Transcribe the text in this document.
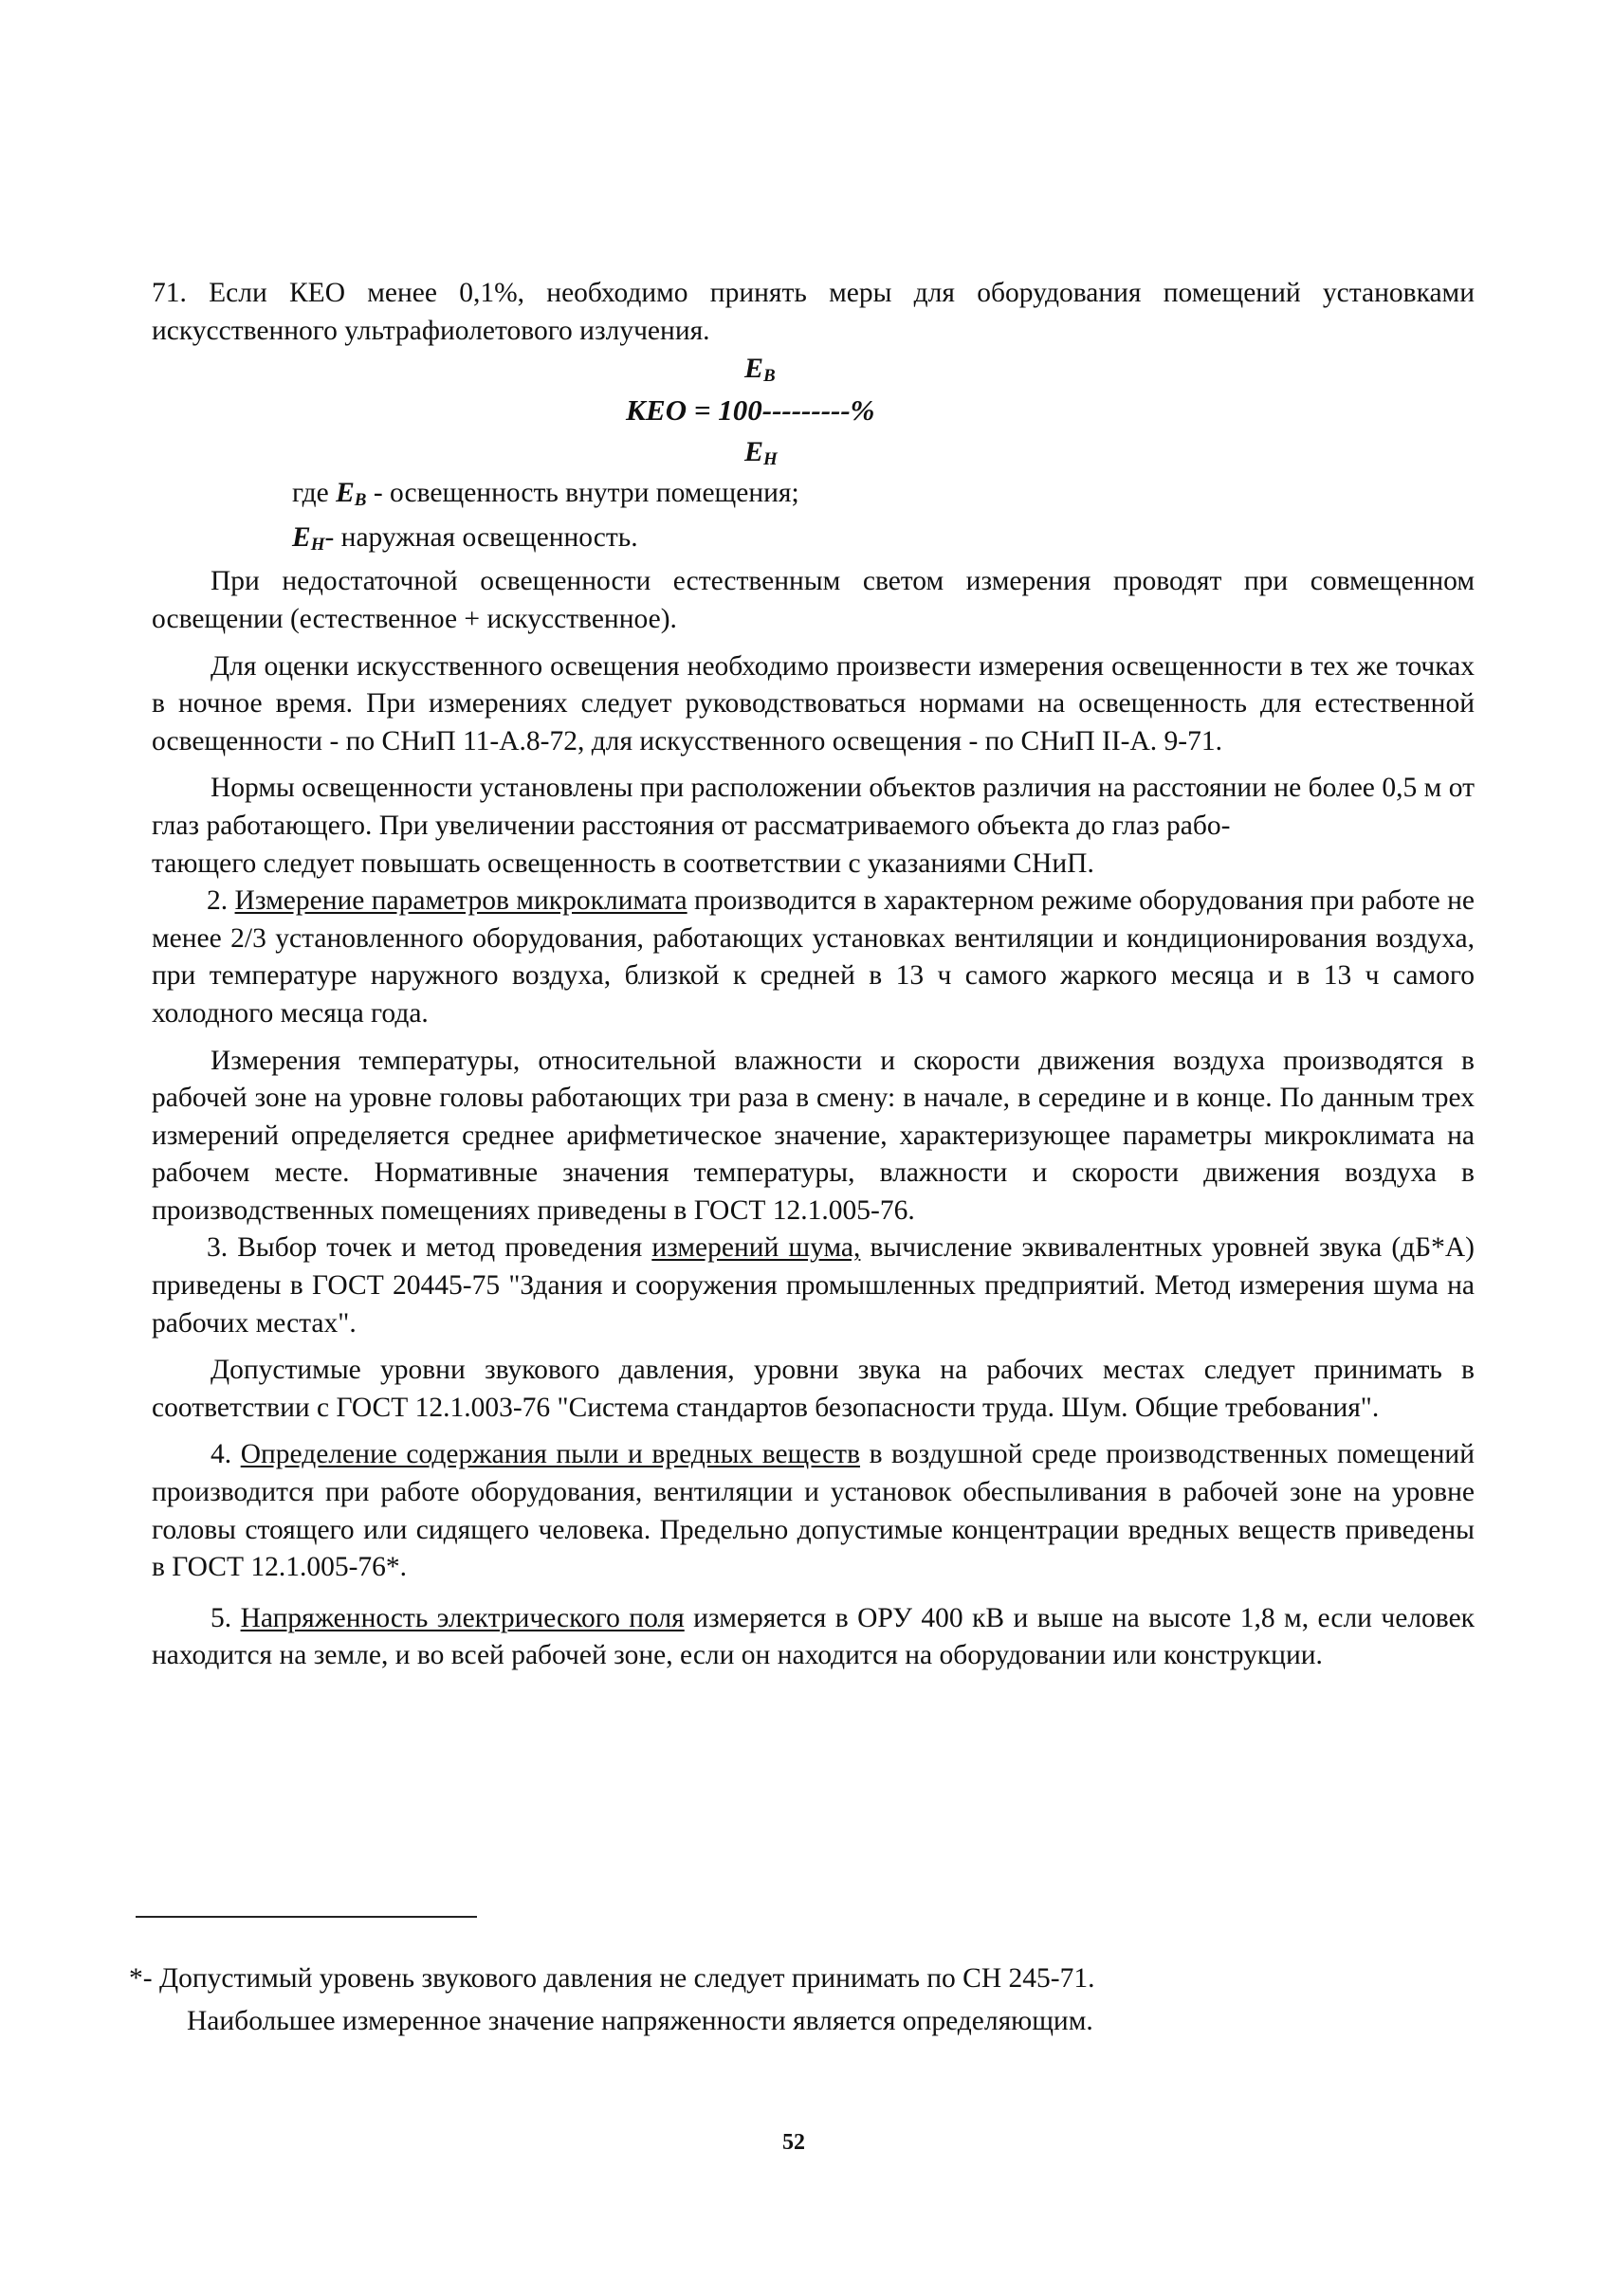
71. Если КЕО менее 0,1%, необходимо принять меры для оборудования помещений установками искусственного ультрафиолетового излучения.

$E_B$
КЕО = 100---------%
$E_H$
где $E_B$ - освещенность внутри помещения;
$E_H-$ наружная освещенность.

При недостаточной освещенности естественным светом измерения проводят при совмещенном освещении (естественное + искусственное).

Для оценки искусственного освещения необходимо произвести измерения освещенности в тех же точках в ночное время. При измерениях следует руководствоваться нормами на освещенность для естественной освещенности - по СНиП 11-А.8-72, для искусственного освещения - по СНиП II-А. 9-71.

Нормы освещенности установлены при расположении объектов различия на расстоянии не более 0,5 м от глаз работающего. При увеличении расстояния от рассматриваемого объекта до глаз рабо-

тающего следует повышать освещенность в соответствии с указаниями СНиП.

2. Измерение параметров микроклимата производится в характерном режиме оборудования при работе не менее 2/3 установленного оборудования, работающих установках вентиляции и кондиционирования воздуха, при температуре наружного воздуха, близкой к средней в 13 ч самого жаркого месяца и в 13 ч самого холодного месяца года.

Измерения температуры, относительной влажности и скорости движения воздуха производятся в рабочей зоне на уровне головы работающих три раза в смену: в начале, в середине и в конце. По данным трех измерений определяется среднее арифметическое значение, характеризующее параметры микроклимата на рабочем месте. Нормативные значения температуры, влажности и скорости движения воздуха в производственных помещениях приведены в ГОСТ 12.1.005-76.

3. Выбор точек и метод проведения измерений шума, вычисление эквивалентных уровней звука (дБ*А) приведены в ГОСТ 20445-75 "Здания и сооружения промышленных предприятий. Метод измерения шума на рабочих местах".

Допустимые уровни звукового давления, уровни звука на рабочих местах следует принимать в соответствии с ГОСТ 12.1.003-76 "Система стандартов безопасности труда. Шум. Общие требования".

4. Определение содержания пыли и вредных веществ в воздушной среде производственных помещений производится при работе оборудования, вентиляции и установок обеспыливания в рабочей зоне на уровне головы стоящего или сидящего человека. Предельно допустимые концентрации вредных веществ приведены в ГОСТ 12.1.005-76*.

5. Напряженность электрического поля измеряется в ОРУ 400 кВ и выше на высоте 1,8 м, если человек находится на земле, и во всей рабочей зоне, если он находится на оборудовании или конструкции.

*- Допустимый уровень звукового давления не следует принимать по СН 245-71.
Наибольшее измеренное значение напряженности является определяющим.
52
